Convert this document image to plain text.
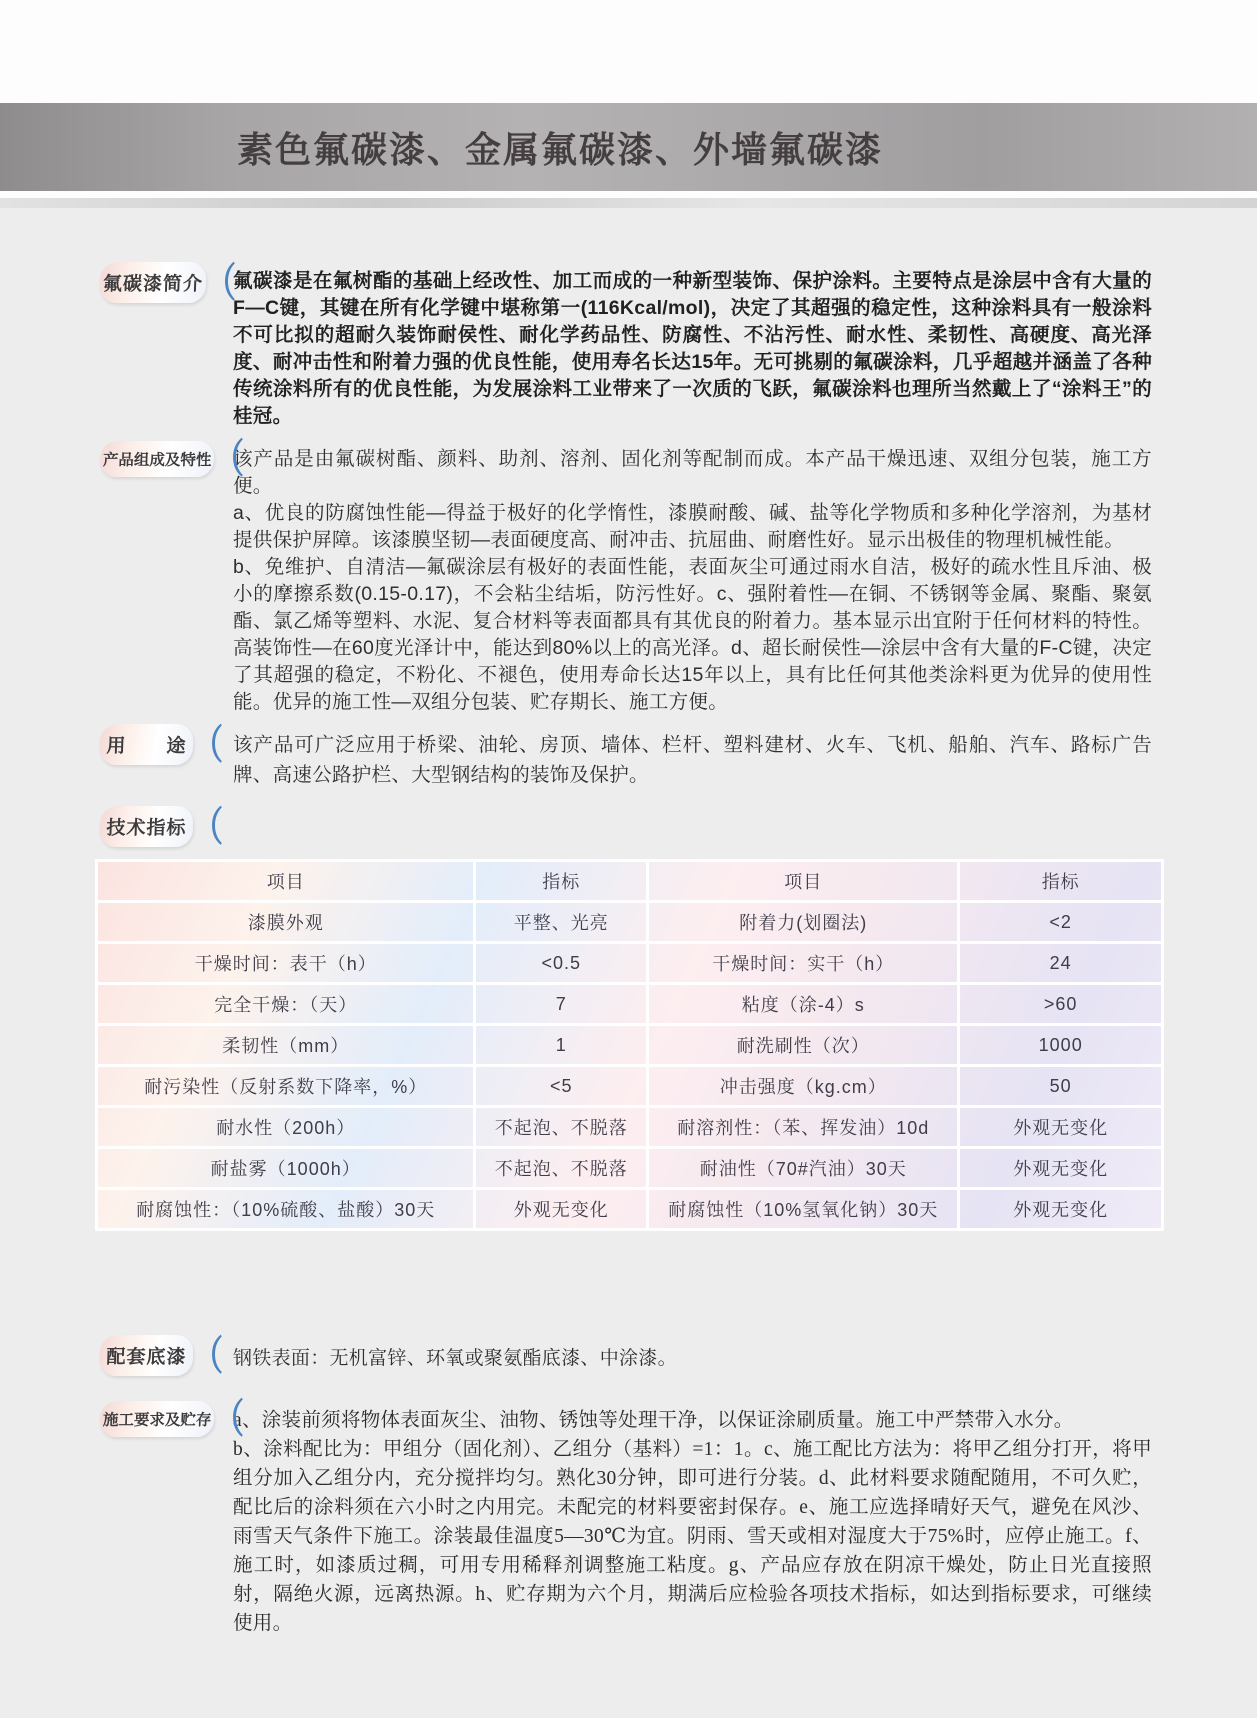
素色氟碳漆、金属氟碳漆、外墙氟碳漆
氟碳漆简介 （

氟碳漆是在氟树酯的基础上经改性、加工而成的一种新型装饰、保护涂料。主要特点是涂层中含有大量的F—C键，其键在所有化学键中堪称第一(116Kcal/mol)，决定了其超强的稳定性，这种涂料具有一般涂料不可比拟的超耐久装饰耐侯性、耐化学药品性、防腐性、不沾污性、耐水性、柔韧性、高硬度、高光泽度、耐冲击性和附着力强的优良性能，使用寿名长达15年。无可挑剔的氟碳涂料，几乎超越并涵盖了各种传统涂料所有的优良性能，为发展涂料工业带来了一次质的飞跃，氟碳涂料也理所当然戴上了“涂料王”的桂冠。

产品组成及特性 （

该产品是由氟碳树酯、颜料、助剂、溶剂、固化剂等配制而成。本产品干燥迅速、双组分包装，施工方便。

a、优良的防腐蚀性能—得益于极好的化学惰性，漆膜耐酸、碱、盐等化学物质和多种化学溶剂，为基材提供保护屏障。该漆膜坚韧—表面硬度高、耐冲击、抗屈曲、耐磨性好。显示出极佳的物理机械性能。

b、免维护、自清洁—氟碳涂层有极好的表面性能，表面灰尘可通过雨水自洁，极好的疏水性且斥油、极小的摩擦系数(0.15-0.17)，不会粘尘结垢，防污性好。c、强附着性—在铜、不锈钢等金属、聚酯、聚氨酯、氯乙烯等塑料、水泥、复合材料等表面都具有其优良的附着力。基本显示出宜附于任何材料的特性。高装饰性—在60度光泽计中，能达到80%以上的高光泽。d、超长耐侯性—涂层中含有大量的F-C键，决定了其超强的稳定，不粉化、不褪色，使用寿命长达15年以上，具有比任何其他类涂料更为优异的使用性能。优异的施工性—双组分包装、贮存期长、施工方便。

用　　途 （ 该产品可广泛应用于桥梁、油轮、房顶、墙体、栏杆、塑料建材、火车、飞机、船舶、汽车、路标广告牌、高速公路护栏、大型钢结构的装饰及保护。

技术指标 （
项目	指标	项目	指标
漆膜外观	平整、光亮	附着力(划圈法)	<2
干燥时间：表干（h）	<0.5	干燥时间：实干（h）	24
完全干燥：（天）	7	粘度（涂-4）s	>60
柔韧性（mm）	1	耐洗刷性（次）	1000
耐污染性（反射系数下降率，%）	<5	冲击强度（kg.cm）	50
耐水性（200h）	不起泡、不脱落	耐溶剂性：（苯、挥发油）10d	外观无变化
耐盐雾（1000h）	不起泡、不脱落	耐油性（70#汽油）30天	外观无变化
耐腐蚀性：（10%硫酸、盐酸）30天	外观无变化	耐腐蚀性（10%氢氧化钠）30天	外观无变化
配套底漆 （ 钢铁表面：无机富锌、环氧或聚氨酯底漆、中涂漆。

施工要求及贮存 （

a、涂装前须将物体表面灰尘、油物、锈蚀等处理干净，以保证涂刷质量。施工中严禁带入水分。

b、涂料配比为：甲组分（固化剂）、乙组分（基料）=1：1。c、施工配比方法为：将甲乙组分打开，将甲组分加入乙组分内，充分搅拌均匀。熟化30分钟，即可进行分装。d、此材料要求随配随用，不可久贮，配比后的涂料须在六小时之内用完。未配完的材料要密封保存。e、施工应选择晴好天气，避免在风沙、雨雪天气条件下施工。涂装最佳温度5—30℃为宜。阴雨、雪天或相对湿度大于75%时，应停止施工。f、施工时，如漆质过稠，可用专用稀释剂调整施工粘度。g、产品应存放在阴凉干燥处，防止日光直接照射，隔绝火源，远离热源。h、贮存期为六个月，期满后应检验各项技术指标，如达到指标要求，可继续使用。
